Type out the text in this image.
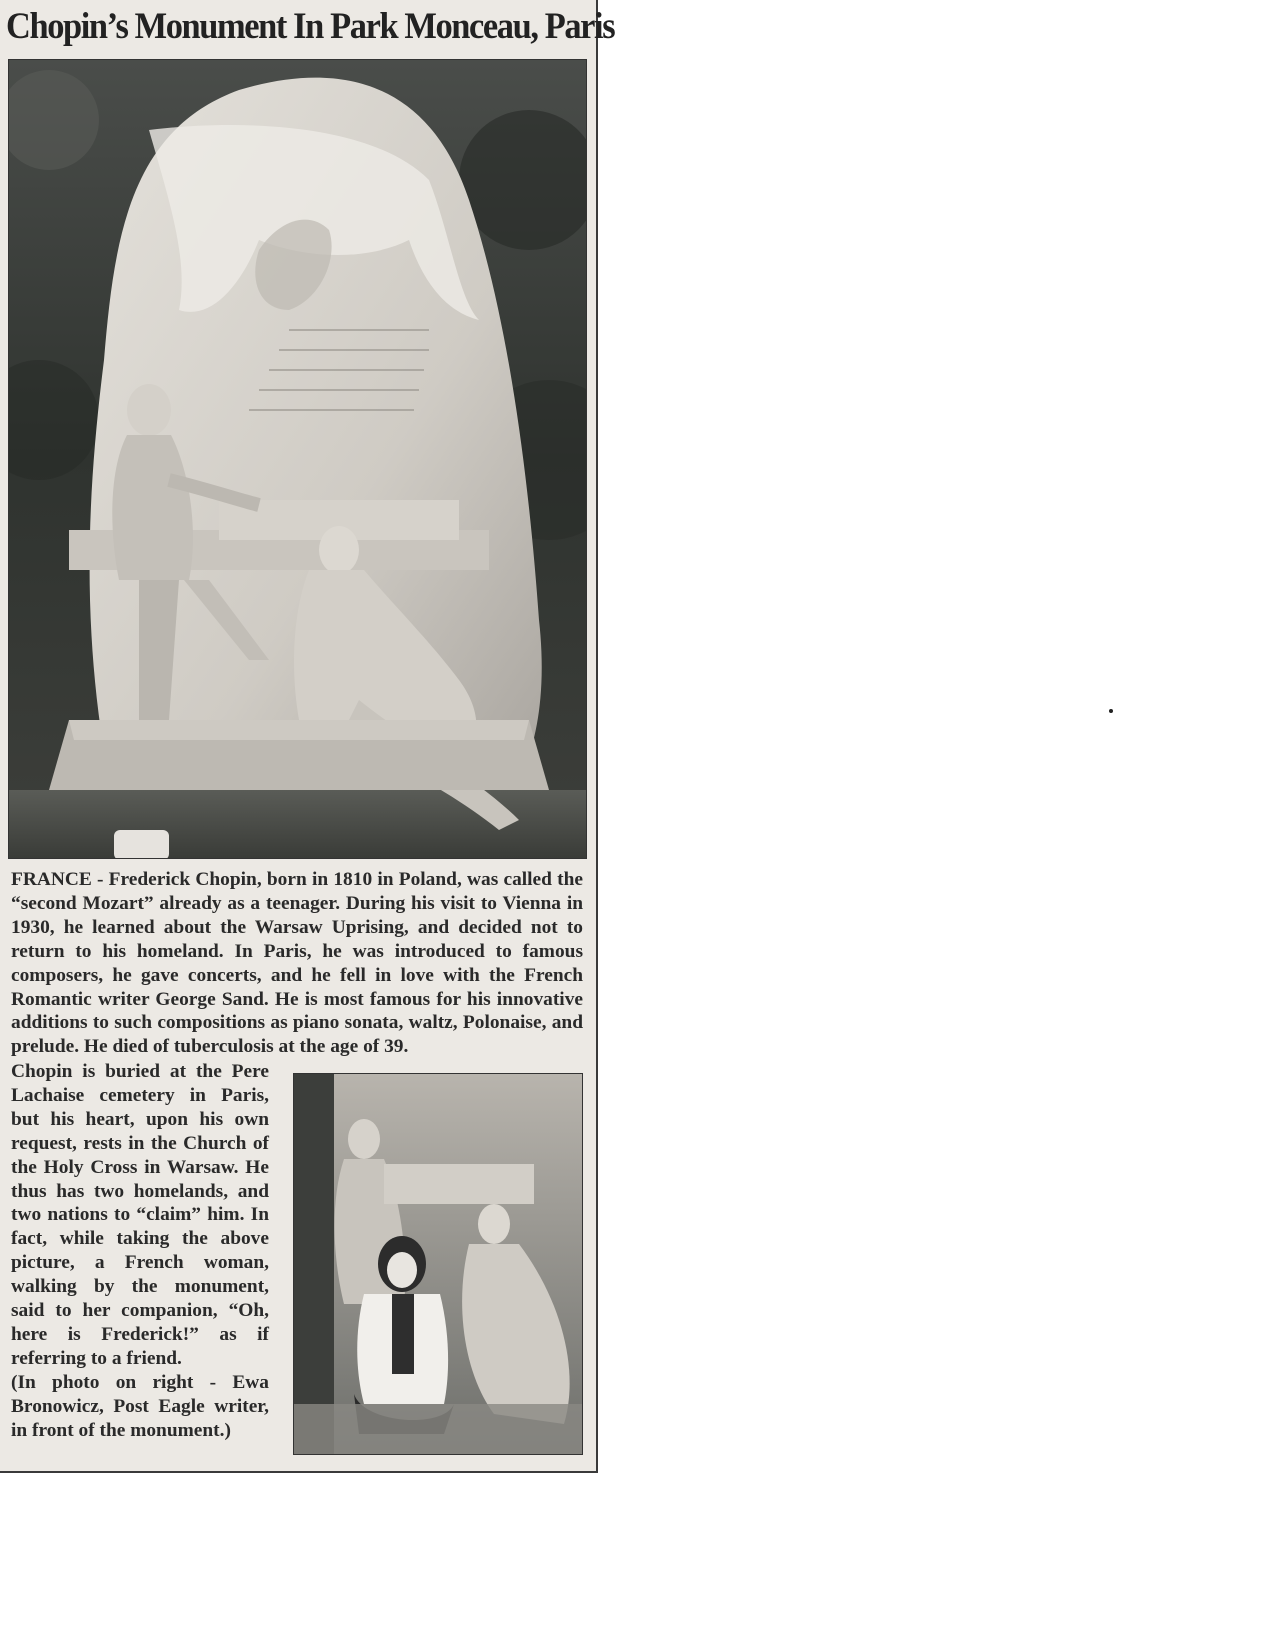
Chopin’s Monument In Park Monceau, Paris

FRANCE - Frederick Chopin, born in 1810 in Poland, was called the “second Mozart” already as a teenager. During his visit to Vienna in 1930, he learned about the Warsaw Uprising, and decided not to return to his homeland. In Paris, he was introduced to famous composers, he gave concerts, and he fell in love with the French Romantic writer George Sand. He is most famous for his innovative additions to such compositions as piano sonata, waltz, Polonaise, and prelude. He died of tuberculosis at the age of 39.

Chopin is buried at the Pere Lachaise cemetery in Paris, but his heart, upon his own request, rests in the Church of the Holy Cross in Warsaw. He thus has two homelands, and two nations to “claim” him. In fact, while taking the above picture, a French woman, walking by the monument, said to her companion, “Oh, here is Frederick!” as if referring to a friend.

(In photo on right - Ewa Bronowicz, Post Eagle writer, in front of the monument.)
